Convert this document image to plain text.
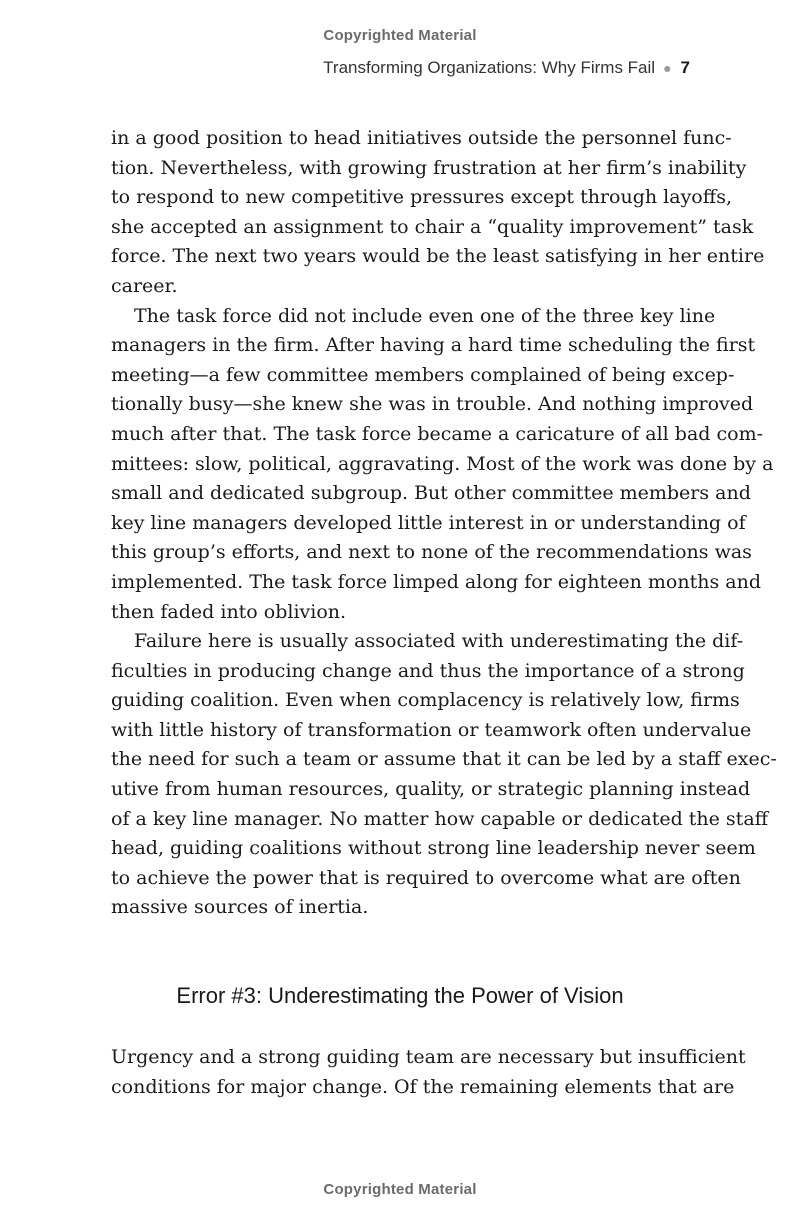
Copyrighted Material
Transforming Organizations: Why Firms Fail ● 7

in a good position to head initiatives outside the personnel func-
tion. Nevertheless, with growing frustration at her firm’s inability
to respond to new competitive pressures except through layoffs,
she accepted an assignment to chair a “quality improvement” task
force. The next two years would be the least satisfying in her entire
career.

The task force did not include even one of the three key line
managers in the firm. After having a hard time scheduling the first
meeting—a few committee members complained of being excep-
tionally busy—she knew she was in trouble. And nothing improved
much after that. The task force became a caricature of all bad com-
mittees: slow, political, aggravating. Most of the work was done by a
small and dedicated subgroup. But other committee members and
key line managers developed little interest in or understanding of
this group’s efforts, and next to none of the recommendations was
implemented. The task force limped along for eighteen months and
then faded into oblivion.

Failure here is usually associated with underestimating the dif-
ficulties in producing change and thus the importance of a strong
guiding coalition. Even when complacency is relatively low, firms
with little history of transformation or teamwork often undervalue
the need for such a team or assume that it can be led by a staff exec-
utive from human resources, quality, or strategic planning instead
of a key line manager. No matter how capable or dedicated the staff
head, guiding coalitions without strong line leadership never seem
to achieve the power that is required to overcome what are often
massive sources of inertia.

Error #3: Underestimating the Power of Vision

Urgency and a strong guiding team are necessary but insufficient
conditions for major change. Of the remaining elements that are

Copyrighted Material
